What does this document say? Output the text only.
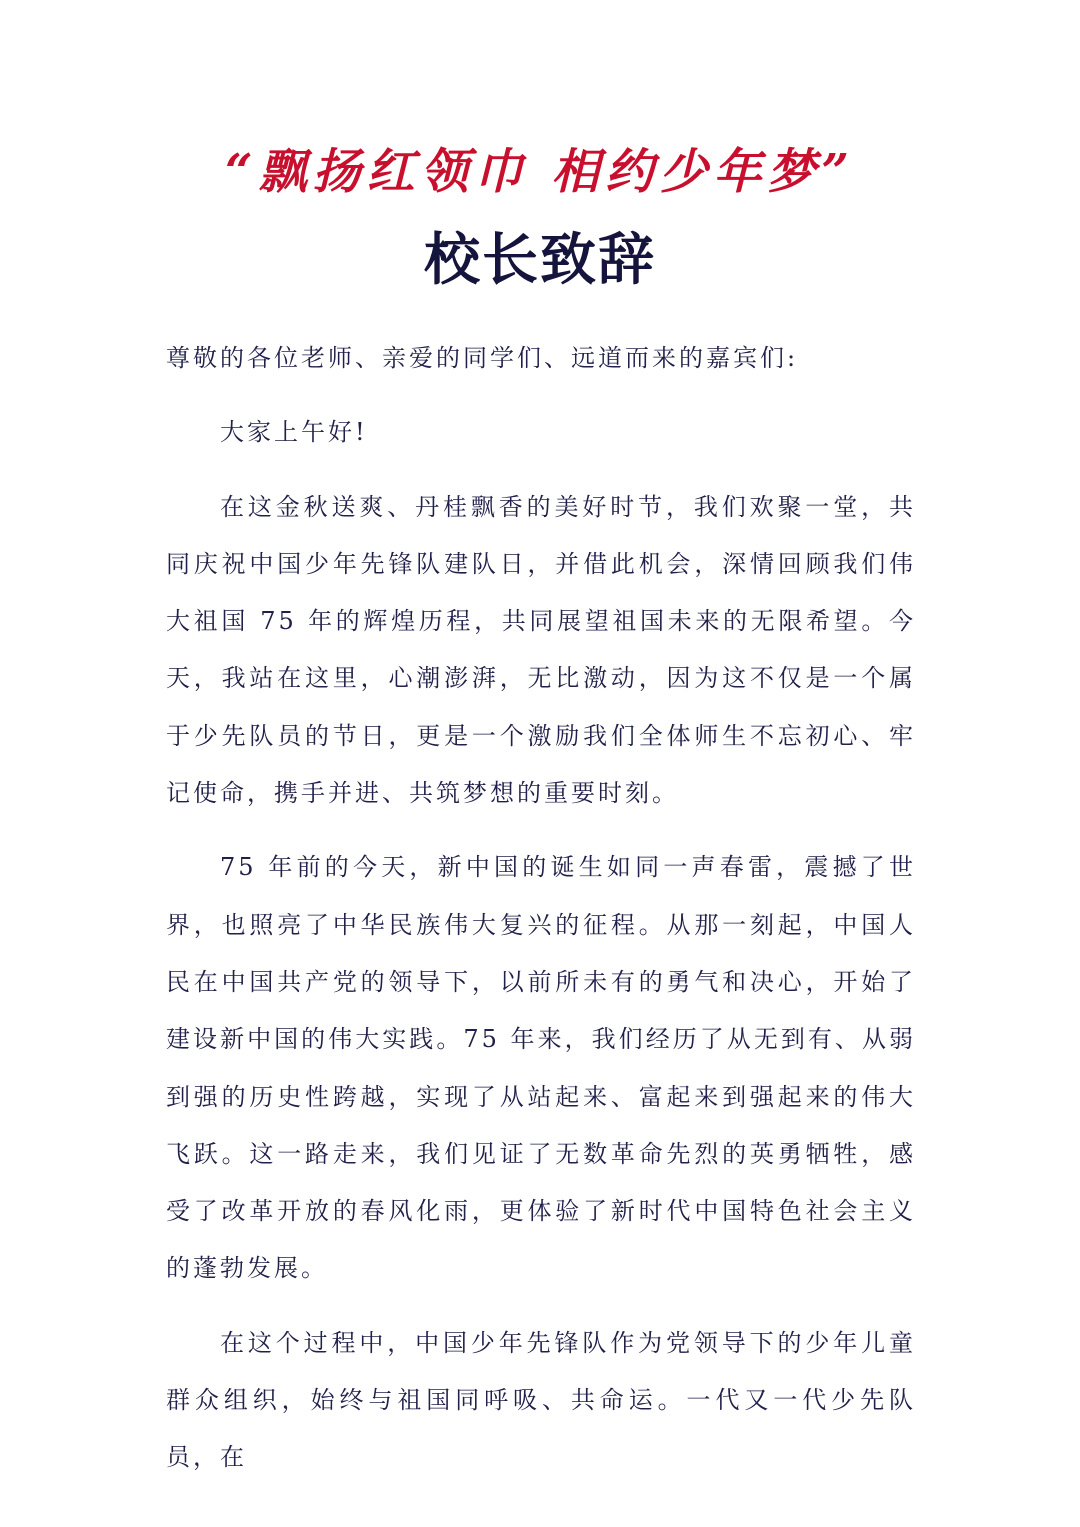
“飘扬红领巾 相约少年梦”
校长致辞

尊敬的各位老师、亲爱的同学们、远道而来的嘉宾们:

大家上午好!

在这金秋送爽、丹桂飘香的美好时节，我们欢聚一堂，共同庆祝中国少年先锋队建队日，并借此机会，深情回顾我们伟大祖国 75 年的辉煌历程，共同展望祖国未来的无限希望。今天，我站在这里，心潮澎湃，无比激动，因为这不仅是一个属于少先队员的节日，更是一个激励我们全体师生不忘初心、牢记使命，携手并进、共筑梦想的重要时刻。

75 年前的今天，新中国的诞生如同一声春雷，震撼了世界，也照亮了中华民族伟大复兴的征程。从那一刻起，中国人民在中国共产党的领导下，以前所未有的勇气和决心，开始了建设新中国的伟大实践。75 年来，我们经历了从无到有、从弱到强的历史性跨越，实现了从站起来、富起来到强起来的伟大飞跃。这一路走来，我们见证了无数革命先烈的英勇牺牲，感受了改革开放的春风化雨，更体验了新时代中国特色社会主义的蓬勃发展。

在这个过程中，中国少年先锋队作为党领导下的少年儿童群众组织，始终与祖国同呼吸、共命运。一代又一代少先队员，在
